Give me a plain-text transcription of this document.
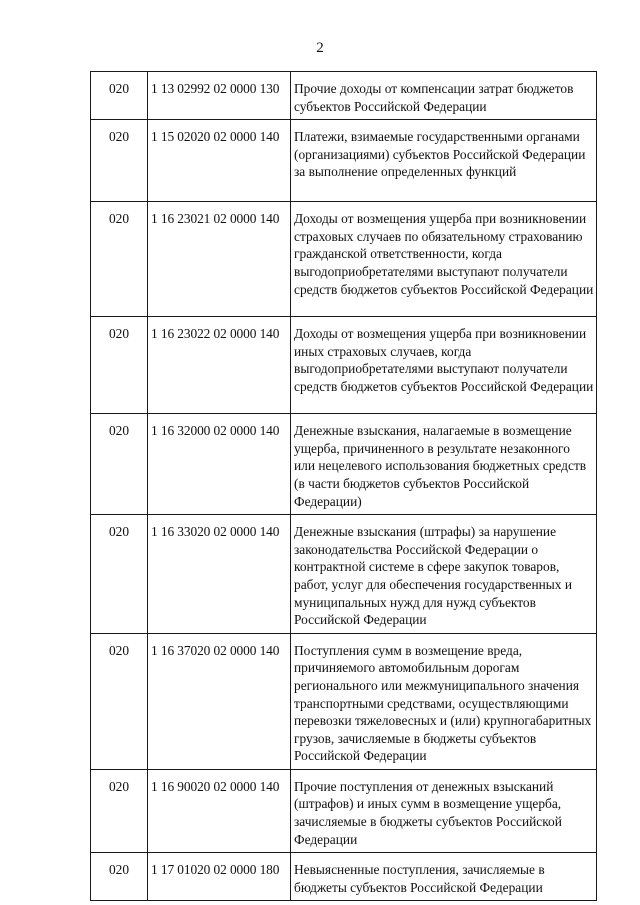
2
020	1 13 02992 02 0000 130	Прочие доходы от компенсации затрат бюджетов субъектов Российской Федерации
020	1 15 02020 02 0000 140	Платежи, взимаемые государственными органами (организациями) субъектов Российской Федерации за выполнение определенных функций
020	1 16 23021 02 0000 140	Доходы от возмещения ущерба при возникновении страховых случаев по обязательному страхованию гражданской ответственности, когда выгодоприобретателями выступают получатели средств бюджетов субъектов Российской Федерации
020	1 16 23022 02 0000 140	Доходы от возмещения ущерба при возникновении иных страховых случаев, когда выгодоприобретателями выступают получатели средств бюджетов субъектов Российской Федерации
020	1 16 32000 02 0000 140	Денежные взыскания, налагаемые в возмещение ущерба, причиненного в результате незаконного или нецелевого использования бюджетных средств (в части бюджетов субъектов Российской Федерации)
020	1 16 33020 02 0000 140	Денежные взыскания (штрафы) за нарушение законодательства Российской Федерации о контрактной системе в сфере закупок товаров, работ, услуг для обеспечения государственных и муниципальных нужд для нужд субъектов Российской Федерации
020	1 16 37020 02 0000 140	Поступления сумм в возмещение вреда, причиняемого автомобильным дорогам регионального или межмуниципального значения транспортными средствами, осуществляющими перевозки тяжеловесных и (или) крупногабаритных грузов, зачисляемые в бюджеты субъектов Российской Федерации
020	1 16 90020 02 0000 140	Прочие поступления от денежных взысканий (штрафов) и иных сумм в возмещение ущерба, зачисляемые в бюджеты субъектов Российской Федерации
020	1 17 01020 02 0000 180	Невыясненные поступления, зачисляемые в бюджеты субъектов Российской Федерации
